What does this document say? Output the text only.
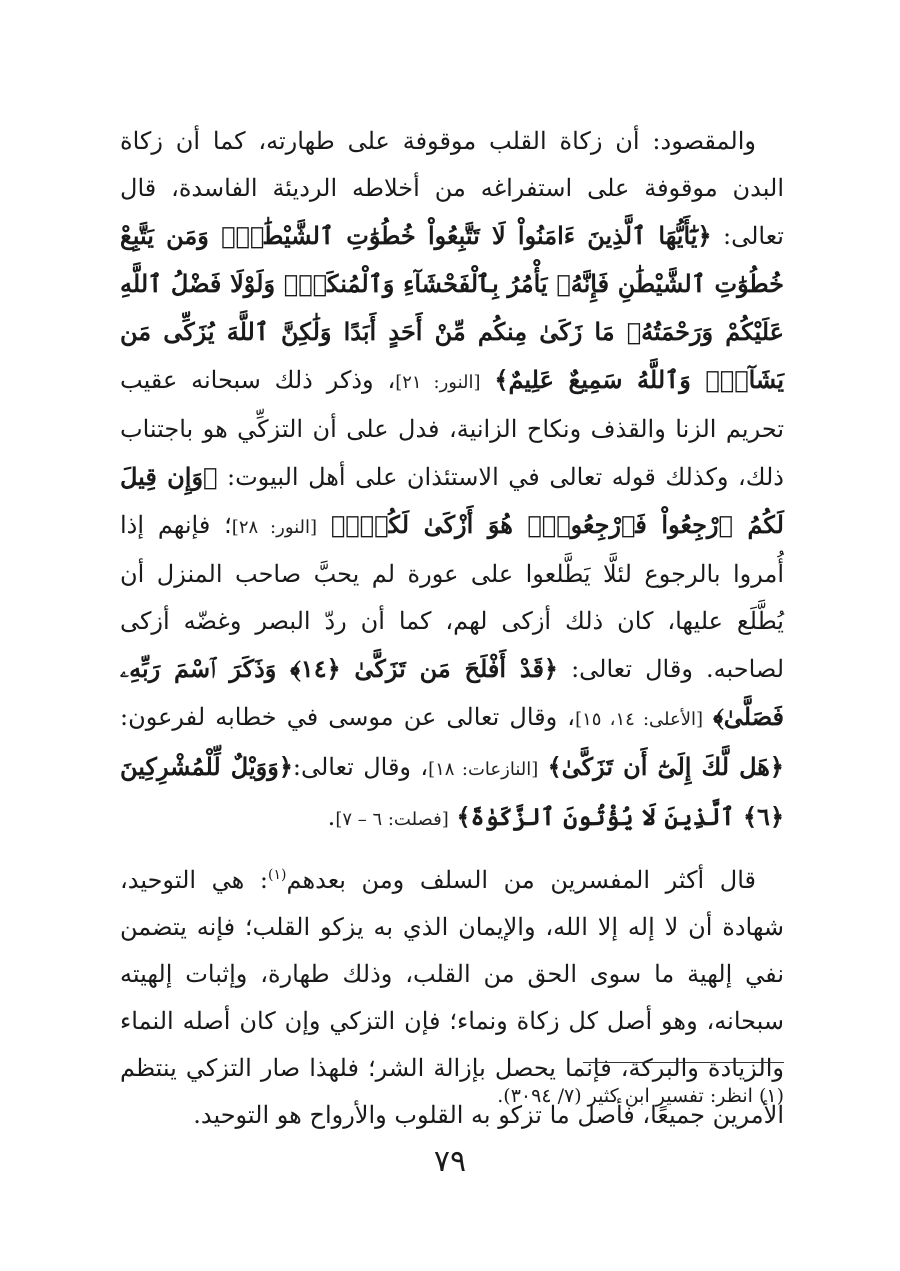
والمقصود: أن زكاة القلب موقوفة على طهارته، كما أن زكاة البدن موقوفة على استفراغه من أخلاطه الرديئة الفاسدة، قال تعالى: ﴿يَٰٓأَيُّهَا ٱلَّذِينَ ءَامَنُواْ لَا تَتَّبِعُواْ خُطُوَٰتِ ٱلشَّيْطَٰنِۚ وَمَن يَتَّبِعْ خُطُوَٰتِ ٱلشَّيْطَٰنِ فَإِنَّهُۥ يَأْمُرُ بِٱلْفَحْشَآءِ وَٱلْمُنكَرِۚ وَلَوْلَا فَضْلُ ٱللَّهِ عَلَيْكُمْ وَرَحْمَتُهُۥ مَا زَكَىٰ مِنكُم مِّنْ أَحَدٍ أَبَدًا وَلَٰكِنَّ ٱللَّهَ يُزَكِّى مَن يَشَآءُۗ وَٱللَّهُ سَمِيعٌ عَلِيمٌ﴾ [النور: ٢١]، وذكر ذلك سبحانه عقيب تحريم الزنا والقذف ونكاح الزانية، فدل على أن التزكِّي هو باجتناب ذلك، وكذلك قوله تعالى في الاستئذان على أهل البيوت: ﴿وَإِن قِيلَ لَكُمُ ٱرْجِعُواْ فَٱرْجِعُواْۖ هُوَ أَزْكَىٰ لَكُمْۚ﴾ [النور: ٢٨]؛ فإنهم إذا أُمروا بالرجوع لئلَّا يَطَّلعوا على عورة لم يحبَّ صاحب المنزل أن يُطَّلَع عليها، كان ذلك أزكى لهم، كما أن ردّ البصر وغضّه أزكى لصاحبه. وقال تعالى: ﴿قَدْ أَفْلَحَ مَن تَزَكَّىٰ ﴿١٤﴾ وَذَكَرَ ٱسْمَ رَبِّهِۦ فَصَلَّىٰ﴾ [الأعلى: ١٤، ١٥]، وقال تعالى عن موسى في خطابه لفرعون: ﴿هَل لَّكَ إِلَىٰٓ أَن تَزَكَّىٰ﴾ [النازعات: ١٨]، وقال تعالى:﴿وَوَيْلٌ لِّلْمُشْرِكِينَ ﴿٦﴾ ٱلَّذِينَ لَا يُؤْتُونَ ٱلزَّكَوٰةَ﴾ [فصلت: ٦ – ٧].

قال أكثر المفسرين من السلف ومن بعدهم$^{(١)}$: هي التوحيد، شهادة أن لا إله إلا الله، والإيمان الذي به يزكو القلب؛ فإنه يتضمن نفي إلهية ما سوى الحق من القلب، وذلك طهارة، وإثبات إلهيته سبحانه، وهو أصل كل زكاة ونماء؛ فإن التزكي وإن كان أصله النماء والزيادة والبركة، فإنما يحصل بإزالة الشر؛ فلهذا صار التزكي ينتظم الأمرين جميعًا، فأصل ما تزكو به القلوب والأرواح هو التوحيد.

(١) انظر: تفسير ابن كثير (٧/ ٣٠٩٤).
٧٩
